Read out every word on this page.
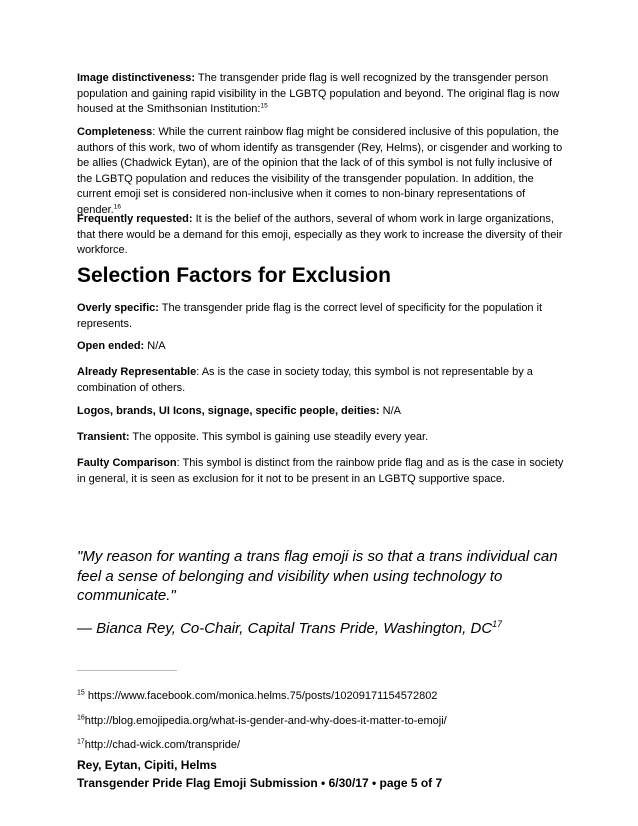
Image distinctiveness: The transgender pride flag is well recognized by the transgender person population and gaining rapid visibility in the LGBTQ population and beyond. The original flag is now housed at the Smithsonian Institution:$^{15}$

Completeness: While the current rainbow flag might be considered inclusive of this population, the authors of this work, two of whom identify as transgender (Rey, Helms), or cisgender and working to be allies (Chadwick Eytan), are of the opinion that the lack of of this symbol is not fully inclusive of the LGBTQ population and reduces the visibility of the transgender population. In addition, the current emoji set is considered non-inclusive when it comes to non-binary representations of gender.$^{16}$

Frequently requested: It is the belief of the authors, several of whom work in large organizations, that there would be a demand for this emoji, especially as they work to increase the diversity of their workforce.

Selection Factors for Exclusion

Overly specific: The transgender pride flag is the correct level of specificity for the population it represents.

Open ended: N/A

Already Representable: As is the case in society today, this symbol is not representable by a combination of others.

Logos, brands, UI Icons, signage, specific people, deities: N/A

Transient: The opposite. This symbol is gaining use steadily every year.

Faulty Comparison: This symbol is distinct from the rainbow pride flag and as is the case in society in general, it is seen as exclusion for it not to be present in an LGBTQ supportive space.

"My reason for wanting a trans flag emoji is so that a trans individual can feel a sense of belonging and visibility when using technology to communicate."

— Bianca Rey, Co-Chair, Capital Trans Pride, Washington, DC$^{17}$
$^{15}$ https://www.facebook.com/monica.helms.75/posts/10209171154572802
$^{16}$http://blog.emojipedia.org/what-is-gender-and-why-does-it-matter-to-emoji/
$^{17}$http://chad-wick.com/transpride/
Rey, Eytan, Cipiti, Helms
Transgender Pride Flag Emoji Submission • 6/30/17 • page 5 of 7
